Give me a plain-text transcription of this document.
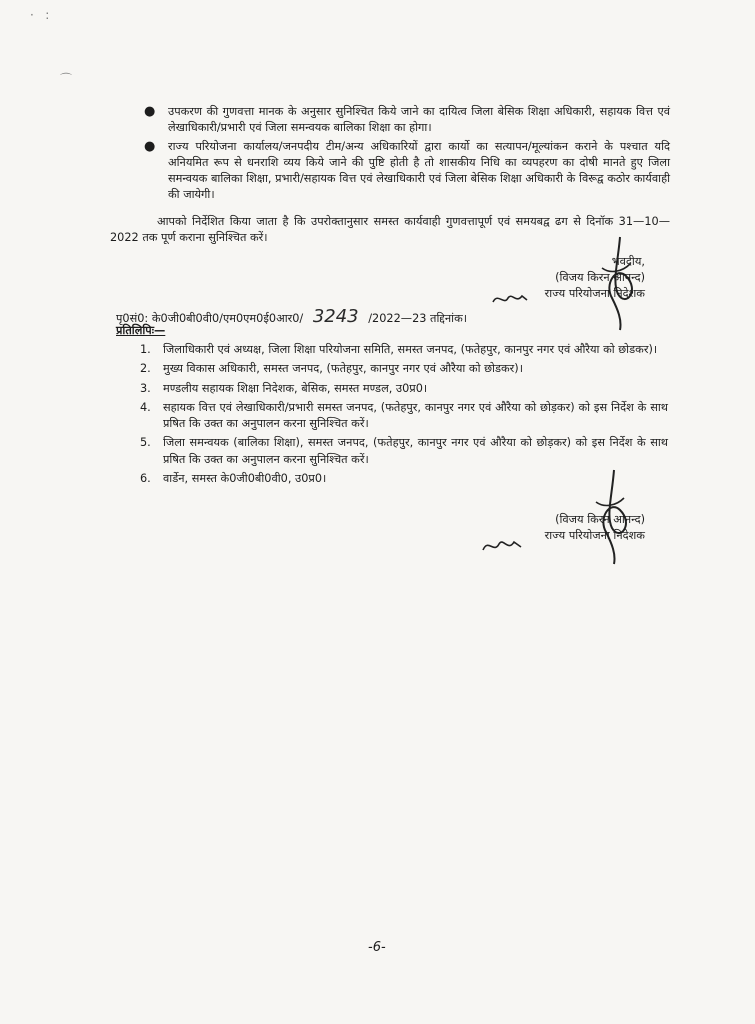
·   :
⌒
● उपकरण की गुणवत्ता मानक के अनुसार सुनिश्चित किये जाने का दायित्व जिला बेसिक शिक्षा अधिकारी, सहायक वित्त एवं लेखाधिकारी/प्रभारी एवं जिला समन्वयक बालिका शिक्षा का होगा।
● राज्य परियोजना कार्यालय/जनपदीय टीम/अन्य अधिकारियों द्वारा कार्यो का सत्यापन/मूल्यांकन कराने के पश्चात यदि अनियमित रूप से धनराशि व्यय किये जाने की पुष्टि होती है तो शासकीय निधि का व्यपहरण का दोषी मानते हुए जिला समन्वयक बालिका शिक्षा, प्रभारी/सहायक वित्त एवं लेखाधिकारी एवं जिला बेसिक शिक्षा अधिकारी के विरूद्व कठोर कार्यवाही की जायेगी।
आपको निर्देशित किया जाता है कि उपरोक्तानुसार समस्त कार्यवाही गुणवत्तापूर्ण एवं समयबद्व ढग से दिनॉक 31—10—2022 तक पूर्ण कराना सुनिश्चित करें।
भवदीय,
(विजय किरन आनन्द)
राज्य परियोजना निदेशक
पृ0सं0: के0जी0बी0वी0/एम0एम0ई0आर0/ 3243 /2022—23 तद्दिनांक।
प्रतिलिपिः—
1. जिलाधिकारी एवं अध्यक्ष, जिला शिक्षा परियोजना समिति, समस्त जनपद, (फतेहपुर, कानपुर नगर एवं औरैया को छोडकर)।
2. मुख्य विकास अधिकारी, समस्त जनपद, (फतेहपुर, कानपुर नगर एवं औरैया को छोडकर)।
3. मण्डलीय सहायक शिक्षा निदेशक, बेसिक, समस्त मण्डल, उ0प्र0।
4. सहायक वित्त एवं लेखाधिकारी/प्रभारी समस्त जनपद, (फतेहपुर, कानपुर नगर एवं औरैया को छोड़कर) को इस निर्देश के साथ प्रषित कि उक्त का अनुपालन करना सुनिश्चित करें।
5. जिला समन्वयक (बालिका शिक्षा), समस्त जनपद, (फतेहपुर, कानपुर नगर एवं औरैया को छोड़कर) को इस निर्देश के साथ प्रषित कि उक्त का अनुपालन करना सुनिश्चित करें।
6. वार्डेन, समस्त के0जी0बी0वी0, उ0प्र0।
(विजय किरन आनन्द)
राज्य परियोजना निदेशक
-6-
